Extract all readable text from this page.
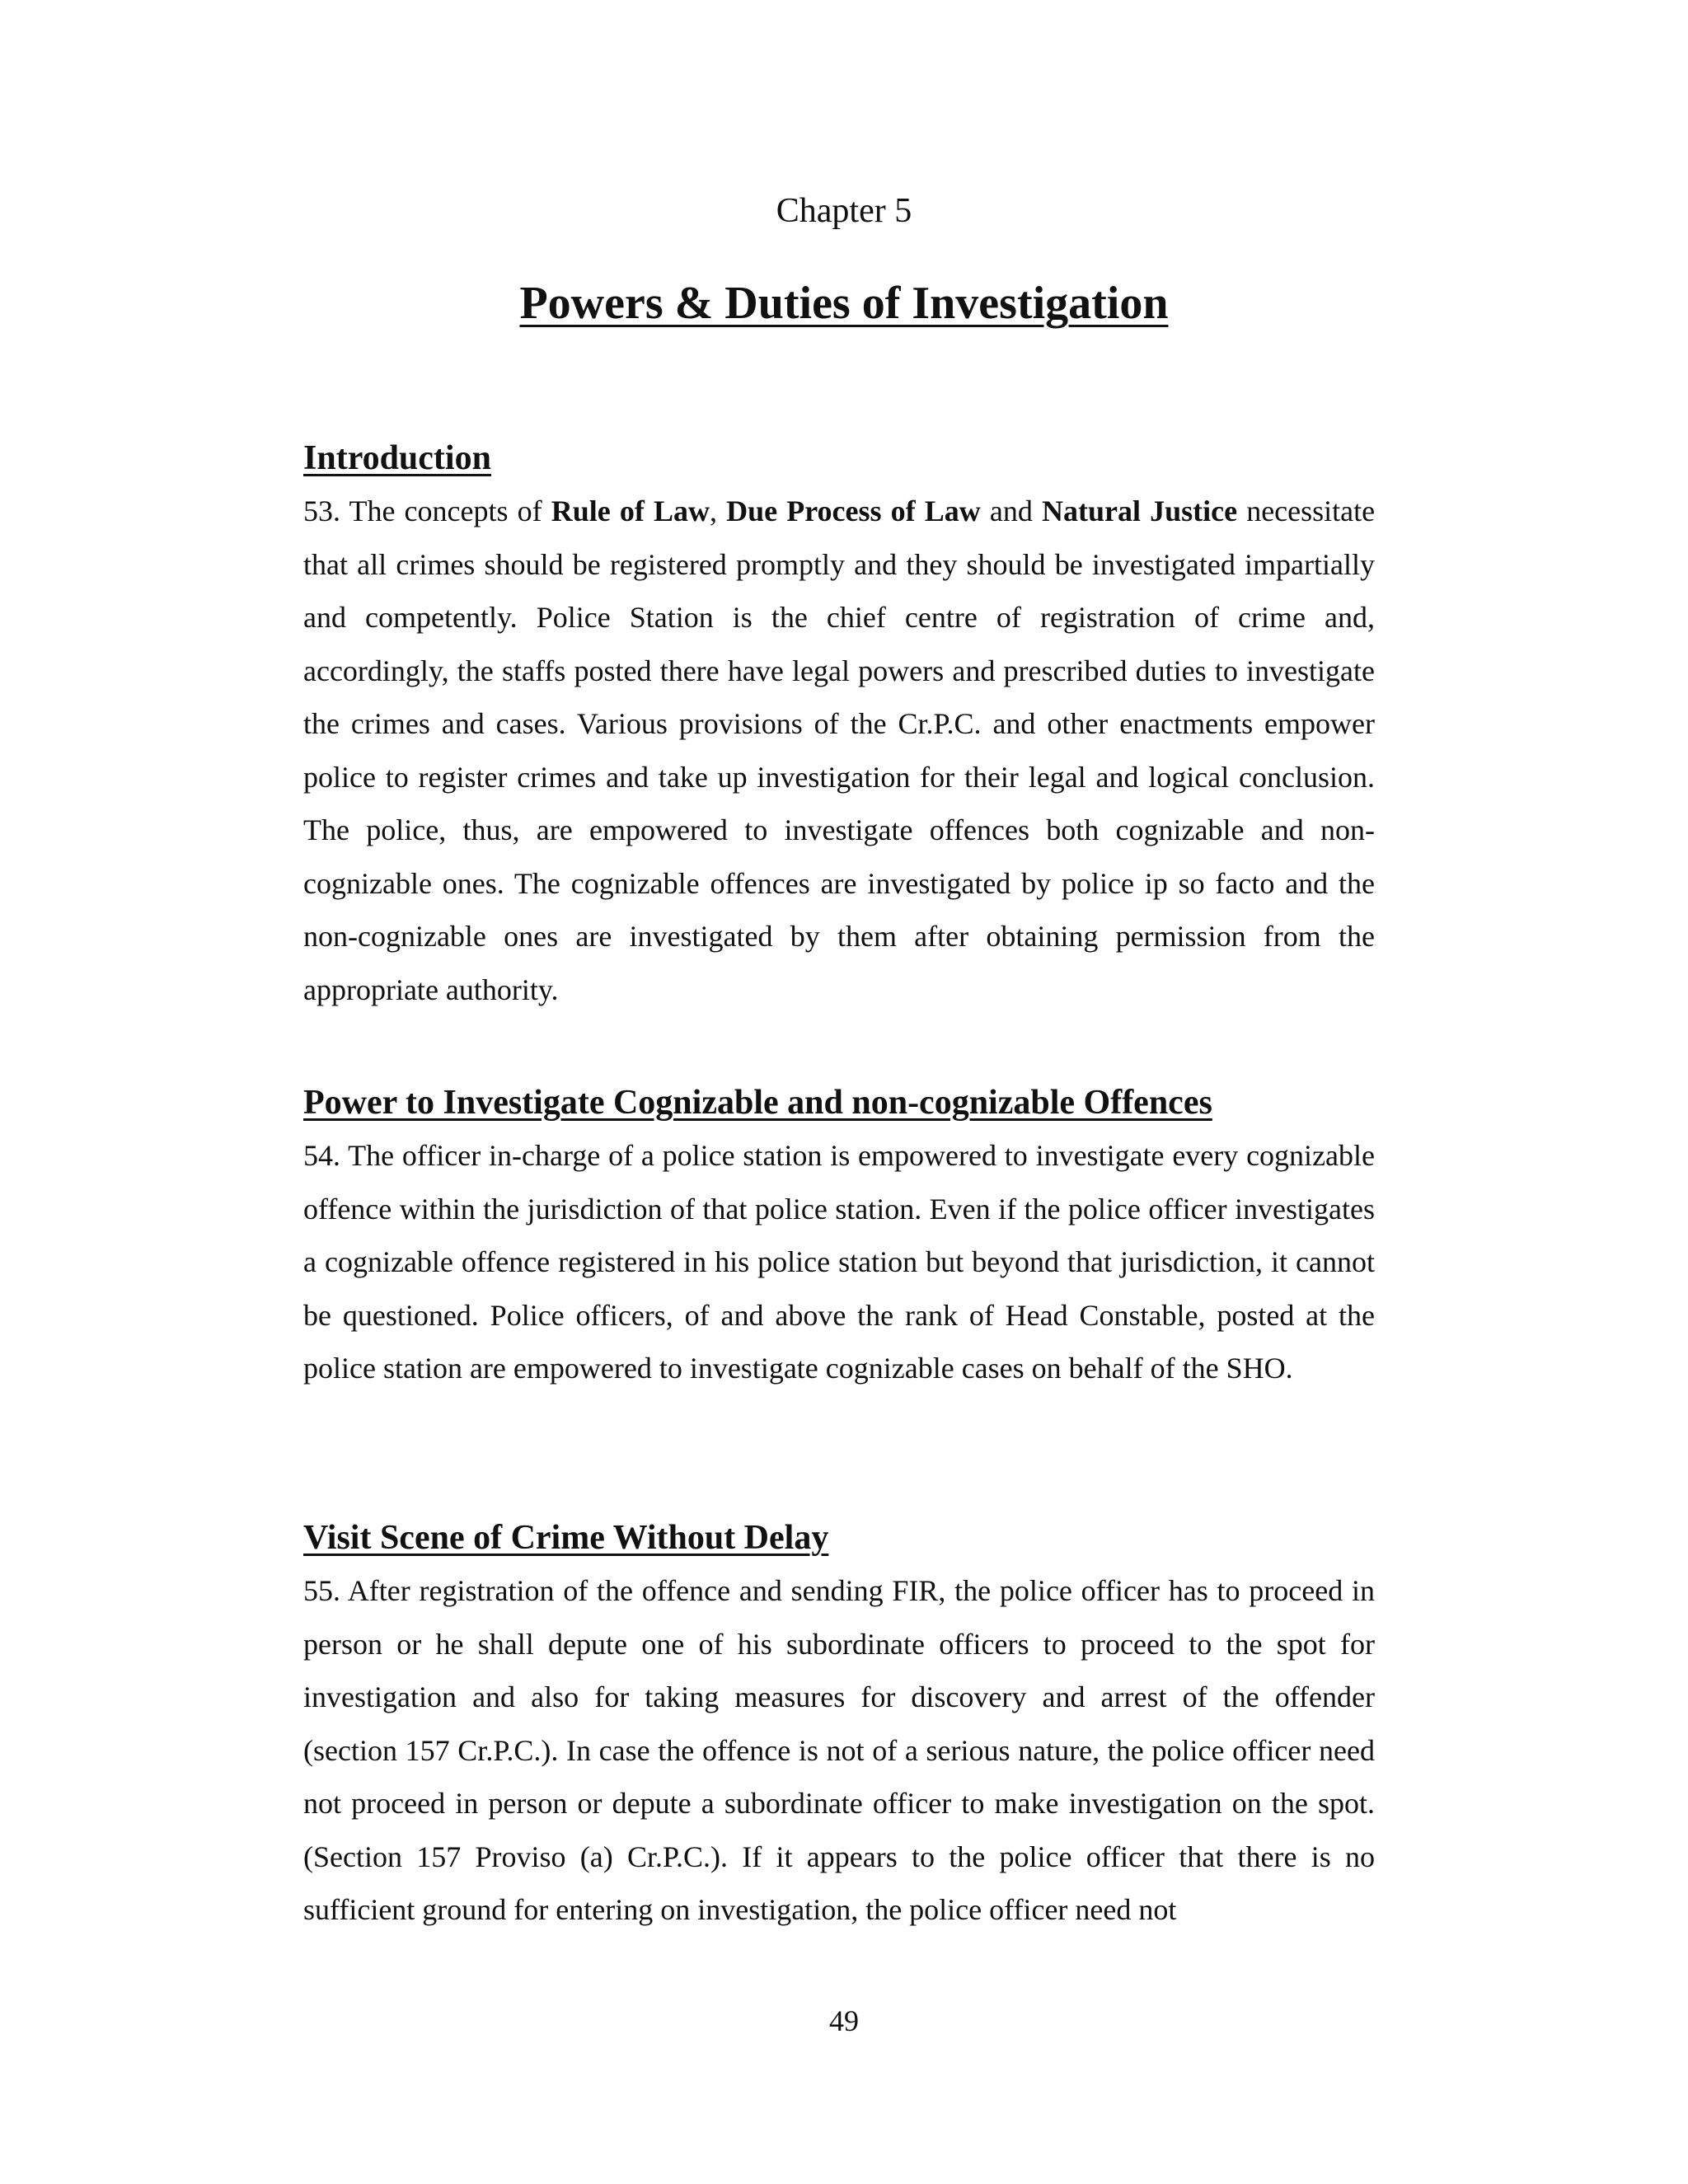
Chapter 5
Powers & Duties of Investigation
Introduction

53. The concepts of Rule of Law, Due Process of Law and Natural Justice necessitate that all crimes should be registered promptly and they should be investigated impartially and competently. Police Station is the chief centre of registration of crime and, accordingly, the staffs posted there have legal powers and prescribed duties to investigate the crimes and cases. Various provisions of the Cr.P.C. and other enactments empower police to register crimes and take up investigation for their legal and logical conclusion. The police, thus, are empowered to investigate offences both cognizable and non- cognizable ones. The cognizable offences are investigated by police ip so facto and the non-cognizable ones are investigated by them after obtaining permission from the appropriate authority.

Power to Investigate Cognizable and non-cognizable Offences

54. The officer in-charge of a police station is empowered to investigate every cognizable offence within the jurisdiction of that police station. Even if the police officer investigates a cognizable offence registered in his police station but beyond that jurisdiction, it cannot be questioned. Police officers, of and above the rank of Head Constable, posted at the police station are empowered to investigate cognizable cases on behalf of the SHO.

Visit Scene of Crime Without Delay

55. After registration of the offence and sending FIR, the police officer has to proceed in person or he shall depute one of his subordinate officers to proceed to the spot for investigation and also for taking measures for discovery and arrest of the offender (section 157 Cr.P.C.). In case the offence is not of a serious nature, the police officer need not proceed in person or depute a subordinate officer to make investigation on the spot. (Section 157 Proviso (a) Cr.P.C.). If it appears to the police officer that there is no sufficient ground for entering on investigation, the police officer need not

49
